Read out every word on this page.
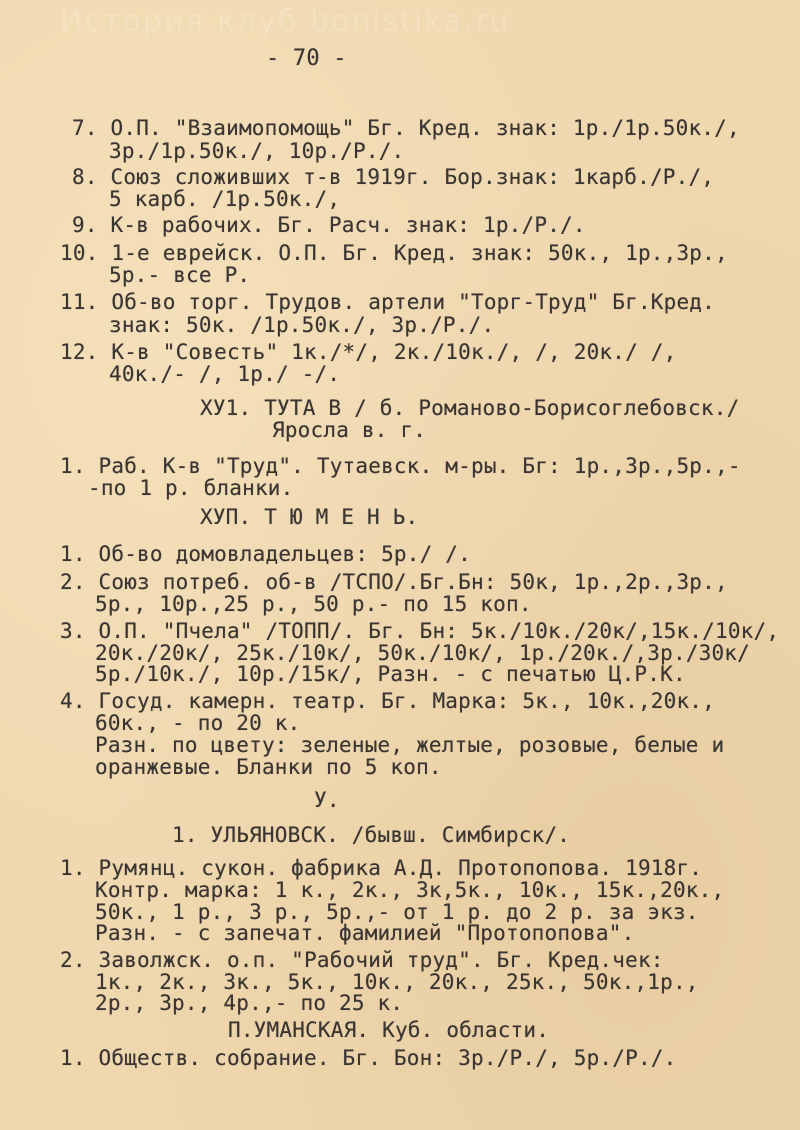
История клуб bonistika.ru
- 70 -
7. О.П. "Взаимопомощь" Бг. Кред. знак: 1р./1р.50к./,
3р./1р.50к./, 10р./Р./.
8. Союз сложивших т-в 1919г. Бор.знак: 1карб./Р./,
5 карб. /1р.50к./,
9. К-в рабочих. Бг. Расч. знак: 1р./Р./.
10. 1-е еврейск. О.П. Бг. Кред. знак: 50к., 1р.,3р.,
5р.- все Р.
11. Об-во торг. Трудов. артели "Торг-Труд" Бг.Кред.
знак: 50к. /1р.50к./, 3р./Р./.
12. К-в "Совесть" 1к./*/, 2к./10к./, /, 20к./ /,
40к./- /, 1р./ -/.
ХУ1. ТУТА В / б. Романово-Борисоглебовск./
Яросла в. г.
1. Раб. К-в "Труд". Тутаевск. м-ры. Бг: 1р.,3р.,5р.,-
-по 1 р. бланки.
ХУП. Т Ю М Е Н Ь.
1. Об-во домовладельцев: 5р./ /.
2. Союз потреб. об-в /ТСПО/.Бг.Бн: 50к, 1р.,2р.,3р.,
5р., 10р.,25 р., 50 р.- по 15 коп.
3. О.П. "Пчела" /ТОПП/. Бг. Бн: 5к./10к./20к/,15к./10к/,
20к./20к/, 25к./10к/, 50к./10к/, 1р./20к./,3р./30к/
5р./10к./, 10р./15к/, Разн. - с печатью Ц.Р.К.
4. Госуд. камерн. театр. Бг. Марка: 5к., 10к.,20к.,
60к., - по 20 к.
Разн. по цвету: зеленые, желтые, розовые, белые и
оранжевые. Бланки по 5 коп.
У.
1. УЛЬЯНОВСК. /бывш. Симбирск/.
1. Румянц. сукон. фабрика А.Д. Протопопова. 1918г.
Контр. марка: 1 к., 2к., 3к,5к., 10к., 15к.,20к.,
50к., 1 р., 3 р., 5р.,- от 1 р. до 2 р. за экз.
Разн. - с запечат. фамилией "Протопопова".
2. Заволжск. о.п. "Рабочий труд". Бг. Кред.чек:
1к., 2к., 3к., 5к., 10к., 20к., 25к., 50к.,1р.,
2р., 3р., 4р.,- по 25 к.
П.УМАНСКАЯ. Куб. области.
1. Обществ. собрание. Бг. Бон: 3р./Р./, 5р./Р./.
